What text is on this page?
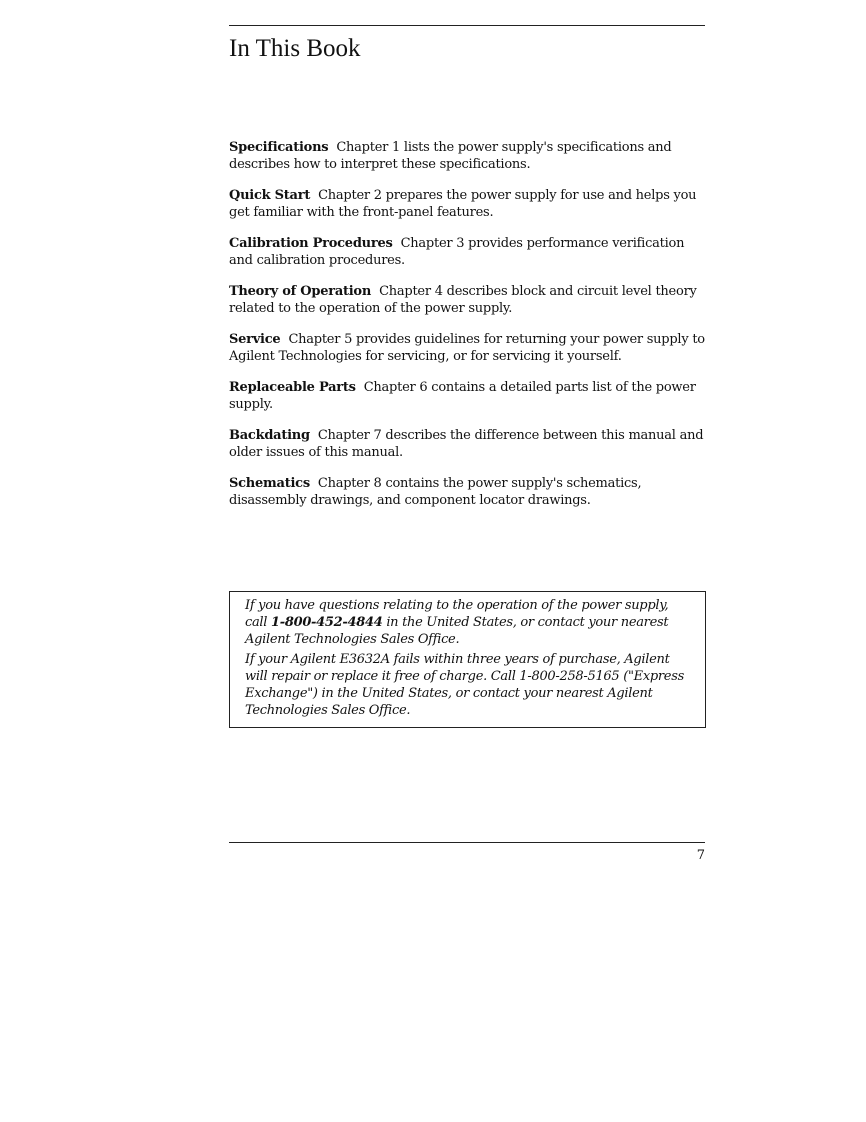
In This Book

Specifications Chapter 1 lists the power supply's specifications and describes how to interpret these specifications.

Quick Start Chapter 2 prepares the power supply for use and helps you get familiar with the front-panel features.

Calibration Procedures Chapter 3 provides performance verification and calibration procedures.

Theory of Operation Chapter 4 describes block and circuit level theory related to the operation of the power supply.

Service Chapter 5 provides guidelines for returning your power supply to Agilent Technologies for servicing, or for servicing it yourself.

Replaceable Parts Chapter 6 contains a detailed parts list of the power supply.

Backdating Chapter 7 describes the difference between this manual and older issues of this manual.

Schematics Chapter 8 contains the power supply's schematics, disassembly drawings, and component locator drawings.

If you have questions relating to the operation of the power supply, call 1-800-452-4844 in the United States, or contact your nearest Agilent Technologies Sales Office.

If your Agilent E3632A fails within three years of purchase, Agilent will repair or replace it free of charge. Call 1-800-258-5165 ("Express Exchange") in the United States, or contact your nearest Agilent Technologies Sales Office.

7
